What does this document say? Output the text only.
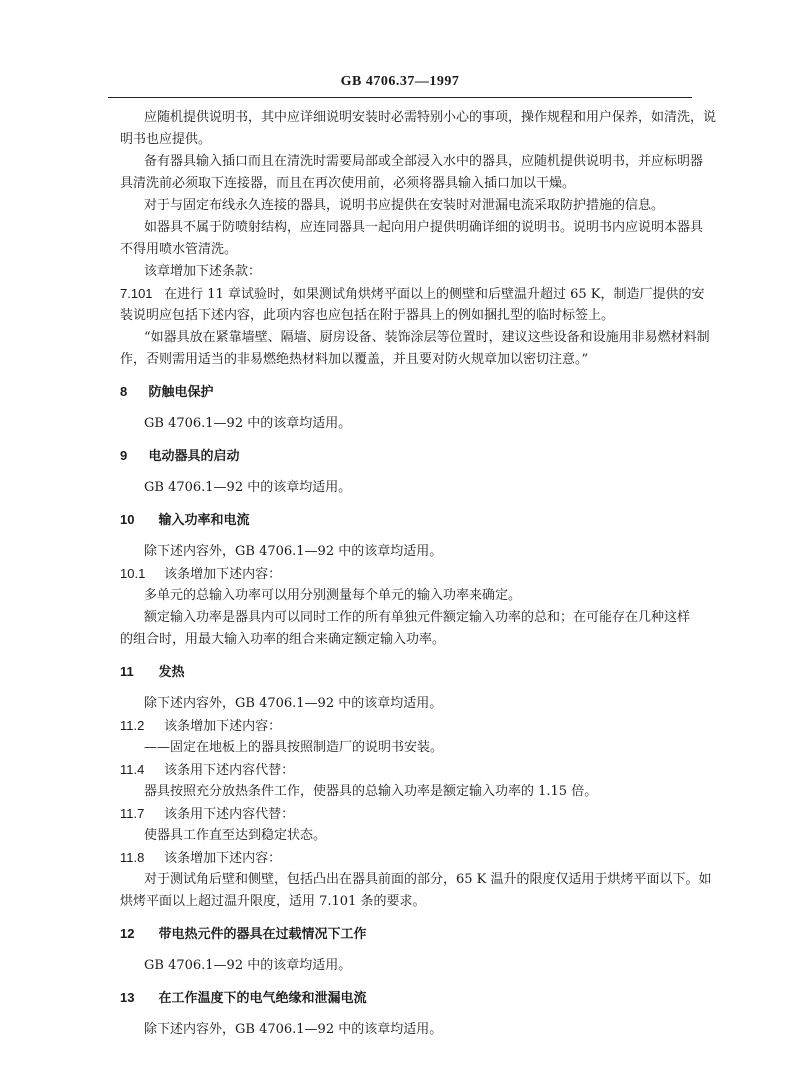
GB 4706.37—1997
应随机提供说明书，其中应详细说明安装时必需特别小心的事项，操作规程和用户保养，如清洗，说
明书也应提供。
备有器具输入插口而且在清洗时需要局部或全部浸入水中的器具，应随机提供说明书，并应标明器
具清洗前必须取下连接器，而且在再次使用前，必须将器具输入插口加以干燥。
对于与固定布线永久连接的器具，说明书应提供在安装时对泄漏电流采取防护措施的信息。
如器具不属于防喷射结构，应连同器具一起向用户提供明确详细的说明书。说明书内应说明本器具
不得用喷水管清洗。
该章增加下述条款：
7.101 在进行 11 章试验时，如果测试角烘烤平面以上的侧壁和后壁温升超过 65 K，制造厂提供的安
装说明应包括下述内容，此项内容也应包括在附于器具上的例如捆扎型的临时标签上。
“如器具放在紧靠墙壁、隔墙、厨房设备、装饰涂层等位置时，建议这些设备和设施用非易燃材料制
作，否则需用适当的非易燃绝热材料加以覆盖，并且要对防火规章加以密切注意。”
8 防触电保护
GB 4706.1—92 中的该章均适用。
9 电动器具的启动
GB 4706.1—92 中的该章均适用。
10 输入功率和电流
除下述内容外，GB 4706.1—92 中的该章均适用。
10.1 该条增加下述内容：
多单元的总输入功率可以用分别测量每个单元的输入功率来确定。
额定输入功率是器具内可以同时工作的所有单独元件额定输入功率的总和；在可能存在几种这样
的组合时，用最大输入功率的组合来确定额定输入功率。
11 发热
除下述内容外，GB 4706.1—92 中的该章均适用。
11.2 该条增加下述内容：
——固定在地板上的器具按照制造厂的说明书安装。
11.4 该条用下述内容代替：
器具按照充分放热条件工作，使器具的总输入功率是额定输入功率的 1.15 倍。
11.7 该条用下述内容代替：
使器具工作直至达到稳定状态。
11.8 该条增加下述内容：
对于测试角后壁和侧壁，包括凸出在器具前面的部分，65 K 温升的限度仅适用于烘烤平面以下。如
烘烤平面以上超过温升限度，适用 7.101 条的要求。
12 带电热元件的器具在过载情况下工作
GB 4706.1—92 中的该章均适用。
13 在工作温度下的电气绝缘和泄漏电流
除下述内容外，GB 4706.1—92 中的该章均适用。
